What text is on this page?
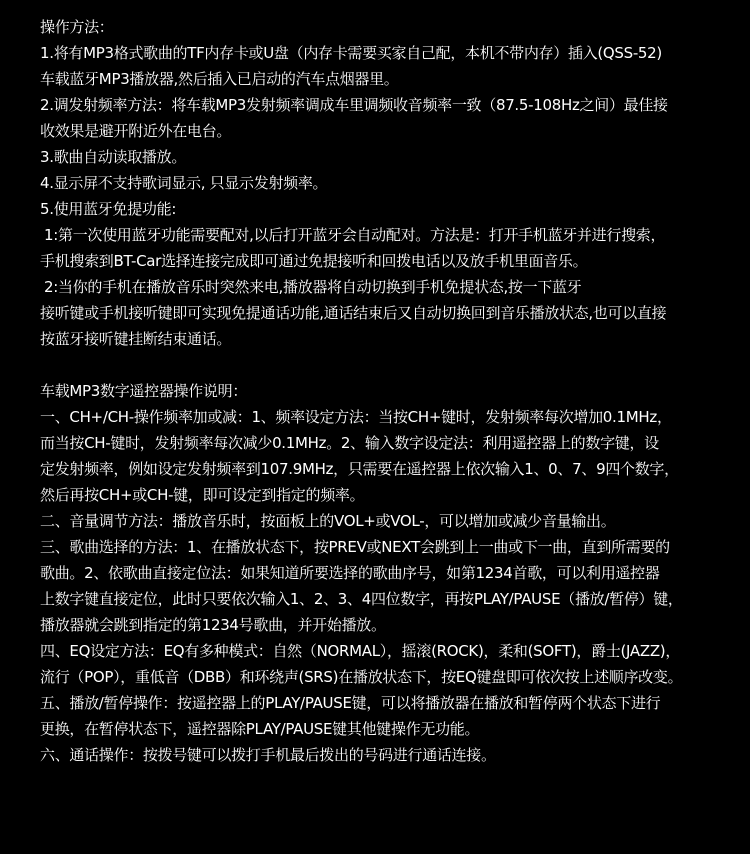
操作方法：
1.将有MP3格式歌曲的TF内存卡或U盘（内存卡需要买家自己配，本机不带内存）插入(QSS-52)
车载蓝牙MP3播放器,然后插入已启动的汽车点烟器里。
2.调发射频率方法：将车载MP3发射频率调成车里调频收音频率一致（87.5-108Hz之间）最佳接
收效果是避开附近外在电台。
3.歌曲自动读取播放。
4.显示屏不支持歌词显示, 只显示发射频率。
5.使用蓝牙免提功能:
1:第一次使用蓝牙功能需要配对,以后打开蓝牙会自动配对。方法是：打开手机蓝牙并进行搜索，
手机搜索到BT-Car选择连接完成即可通过免提接听和回拨电话以及放手机里面音乐。
2:当你的手机在播放音乐时突然来电,播放器将自动切换到手机免提状态,按一下蓝牙
接听键或手机接听键即可实现免提通话功能,通话结束后又自动切换回到音乐播放状态,也可以直接
按蓝牙接听键挂断结束通话。
车载MP3数字遥控器操作说明：
一、CH+/CH-操作频率加或减：1、频率设定方法：当按CH+键时，发射频率每次增加0.1MHz，
而当按CH-键时，发射频率每次减少0.1MHz。2、输入数字设定法：利用遥控器上的数字键，设
定发射频率，例如设定发射频率到107.9MHz，只需要在遥控器上依次输入1、0、7、9四个数字，
然后再按CH+或CH-键，即可设定到指定的频率。
二、音量调节方法：播放音乐时，按面板上的VOL+或VOL-，可以增加或减少音量输出。
三、歌曲选择的方法：1、在播放状态下，按PREV或NEXT会跳到上一曲或下一曲，直到所需要的
歌曲。2、依歌曲直接定位法：如果知道所要选择的歌曲序号，如第1234首歌，可以利用遥控器
上数字键直接定位，此时只要依次输入1、2、3、4四位数字，再按PLAY/PAUSE（播放/暂停）键，
播放器就会跳到指定的第1234号歌曲，并开始播放。
四、EQ设定方法：EQ有多种模式：自然（NORMAL），摇滚(ROCK)，柔和(SOFT)，爵士(JAZZ)，
流行（POP），重低音（DBB）和环绕声(SRS)在播放状态下，按EQ键盘即可依次按上述顺序改变。
五、播放/暂停操作：按遥控器上的PLAY/PAUSE键，可以将播放器在播放和暂停两个状态下进行
更换，在暂停状态下，遥控器除PLAY/PAUSE键其他键操作无功能。
六、通话操作：按拨号键可以拨打手机最后拨出的号码进行通话连接。
